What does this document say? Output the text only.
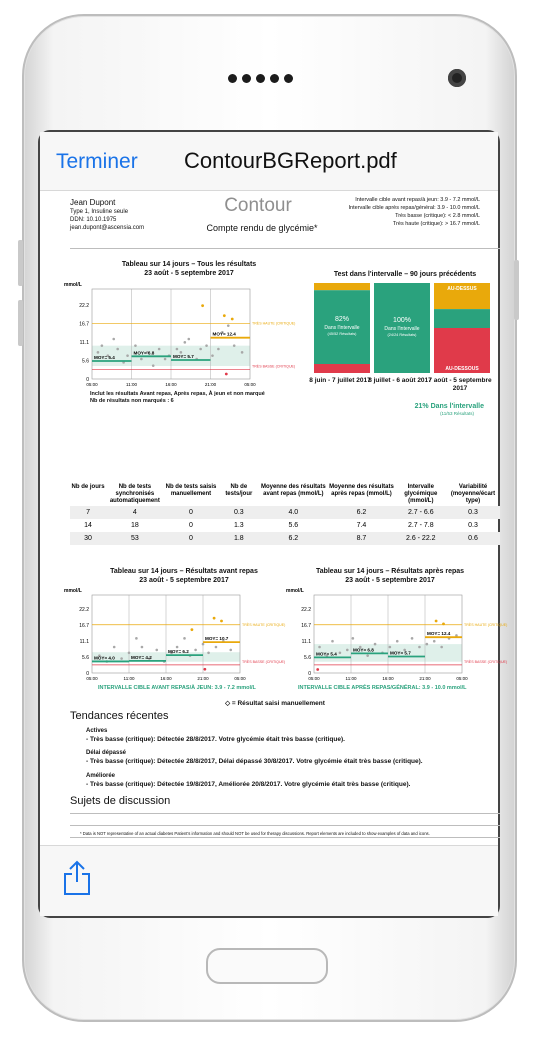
Terminer ContourBGReport.pdf
Jean Dupont
Type 1, Insuline seule
DDN: 10.10.1975
jean.dupont@ascensia.com
Contour
Compte rendu de glycémie*
Intervalle cible avant repas/à jeun: 3.9 - 7.2 mmol/L
Intervalle cible après repas/général: 3.9 - 10.0 mmol/L
Très basse (critique): < 2.8 mmol/L
Très haute (critique): > 16.7 mmol/L
Tableau sur 14 jours – Tous les résultats
23 août - 5 septembre 2017
mmol/L
22.2
16.7
11.1
5.6
0
05:00	11:00	16:00	21:00	05:00
TRÈS HAUTE (CRITIQUE)
TRÈS BASSE (CRITIQUE)
MOY= 5.4
MOY= 6.8
MOY= 5.7
MOY= 12.4
Inclut les résultats Avant repas, Après repas, À jeun et non marqué
Nb de résultats non marqués : 6
Test dans l'intervalle – 90 jours précédents
82%
Dans l'intervalle
(45/52 Résultats)
100%
Dans l'intervalle
(24/24 Résultats)
AU-DESSUS
AU-DESSOUS
8 juin - 7 juillet 2017
8 juillet - 6 août 2017
7 août - 5 septembre 2017
21% Dans l'intervalle
(11/53 Résultats)
Nb de jours	Nb de tests synchronisés automatiquement	Nb de tests saisis manuellement	Nb de tests/jour	Moyenne des résultats avant repas (mmol/L)	Moyenne des résultats après repas (mmol/L)	Intervalle glycémique (mmol/L)	Variabilité (moyenne/écart type)
7	4	0	0.3	4.0	6.2	2.7 - 6.6	0.3
14	18	0	1.3	5.6	7.4	2.7 - 7.8	0.3
30	53	0	1.8	6.2	8.7	2.6 - 22.2	0.6
Tableau sur 14 jours – Résultats avant repas
23 août - 5 septembre 2017
mmol/L
22.2
16.7
11.1
5.6
0
05:00	11:00	16:00	21:00	05:00
TRÈS HAUTE (CRITIQUE)
TRÈS BASSE (CRITIQUE)
MOY= 4.0	MOY= 4.2
MOY= 6.2
MOY= 10.7
INTERVALLE CIBLE AVANT REPAS/À JEUN: 3.9 - 7.2 mmol/L
Tableau sur 14 jours – Résultats après repas
23 août - 5 septembre 2017
mmol/L
22.2
16.7
11.1
5.6
0
05:00	11:00	16:00	21:00	05:00
TRÈS HAUTE (CRITIQUE)
TRÈS BASSE (CRITIQUE)
MOY= 5.4
MOY= 6.8
MOY= 5.7
MOY= 12.4
INTERVALLE CIBLE APRÈS REPAS/GÉNÉRAL: 3.9 - 10.0 mmol/L
◇ = Résultat saisi manuellement
Tendances récentes
Actives
- Très basse (critique): Détectée 28/8/2017. Votre glycémie était très basse (critique).
Délai dépassé
- Très basse (critique): Détectée 28/8/2017, Délai dépassé 30/8/2017. Votre glycémie était très basse (critique).
Améliorée
- Très basse (critique): Détectée 19/8/2017, Améliorée 20/8/2017. Votre glycémie était très basse (critique).
Sujets de discussion
* Data is NOT representative of an actual diabetes Patient's information and should NOT be used for therapy discussions. Report elements are included to show examples of data and icons.
